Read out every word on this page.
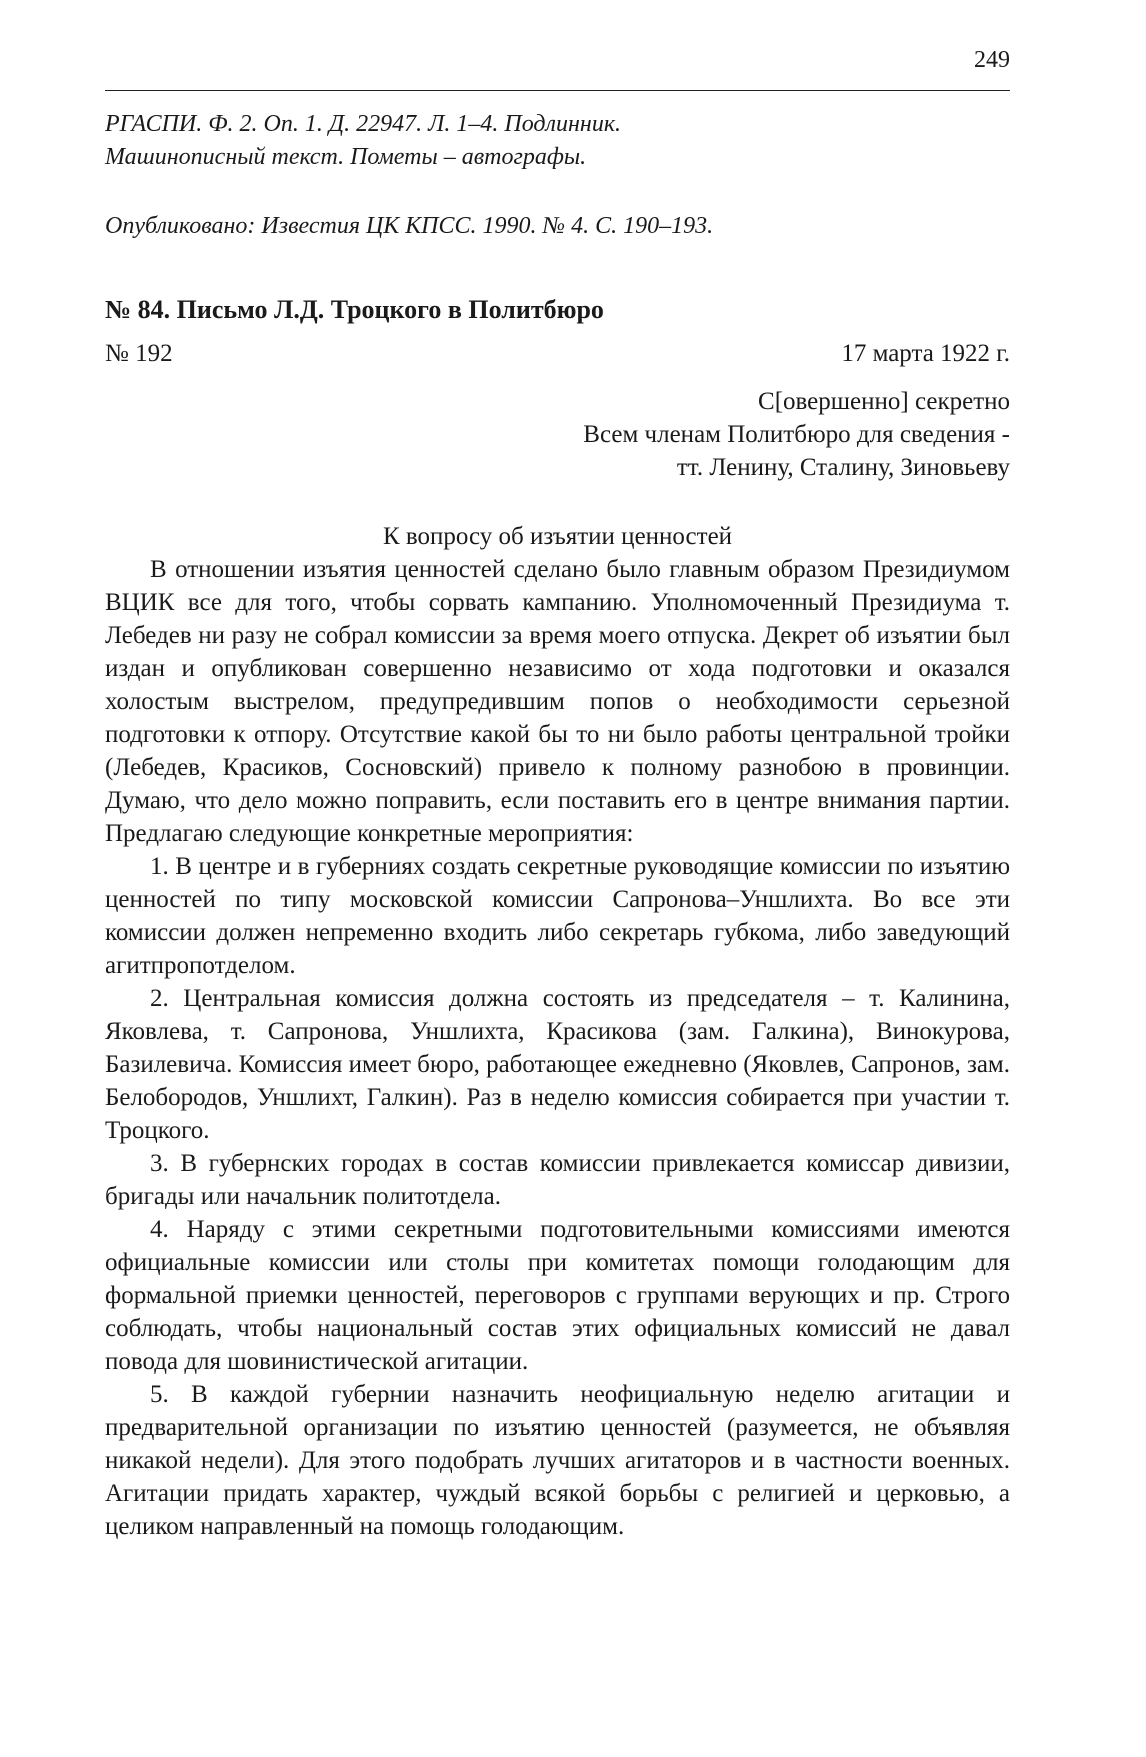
249
РГАСПИ. Ф. 2. Оп. 1. Д. 22947. Л. 1–4. Подлинник.
Машинописный текст. Пометы – автографы.
Опубликовано: Известия ЦК КПСС. 1990. № 4. С. 190–193.
№ 84. Письмо Л.Д. Троцкого в Политбюро
№ 192	17 марта 1922 г.
С[овершенно] секретно
Всем членам Политбюро для сведения -
тт. Ленину, Сталину, Зиновьеву
К вопросу об изъятии ценностей

В отношении изъятия ценностей сделано было главным образом Президиумом ВЦИК все для того, чтобы сорвать кампанию. Уполномоченный Президиума т. Лебедев ни разу не собрал комиссии за время моего отпуска. Декрет об изъятии был издан и опубликован совершенно независимо от хода подготовки и оказался холостым выстрелом, предупредившим попов о необходимости серьезной подготовки к отпору. Отсутствие какой бы то ни было работы центральной тройки (Лебедев, Красиков, Сосновский) привело к полному разнобою в провинции. Думаю, что дело можно поправить, если поставить его в центре внимания партии. Предлагаю следующие конкретные мероприятия:

1. В центре и в губерниях создать секретные руководящие комиссии по изъятию ценностей по типу московской комиссии Сапронова–Уншлихта. Во все эти комиссии должен непременно входить либо секретарь губкома, либо заведующий агитпропотделом.

2. Центральная комиссия должна состоять из председателя – т. Калинина, Яковлева, т. Сапронова, Уншлихта, Красикова (зам. Галкина), Винокурова, Базилевича. Комиссия имеет бюро, работающее ежедневно (Яковлев, Сапронов, зам. Белобородов, Уншлихт, Галкин). Раз в неделю комиссия собирается при участии т. Троцкого.

3. В губернских городах в состав комиссии привлекается комиссар дивизии, бригады или начальник политотдела.

4. Наряду с этими секретными подготовительными комиссиями имеются официальные комиссии или столы при комитетах помощи голодающим для формальной приемки ценностей, переговоров с группами верующих и пр. Строго соблюдать, чтобы национальный состав этих официальных комиссий не давал повода для шовинистической агитации.

5. В каждой губернии назначить неофициальную неделю агитации и предварительной организации по изъятию ценностей (разумеется, не объявляя никакой недели). Для этого подобрать лучших агитаторов и в частности военных. Агитации придать характер, чуждый всякой борьбы с религией и церковью, а целиком направленный на помощь голодающим.
